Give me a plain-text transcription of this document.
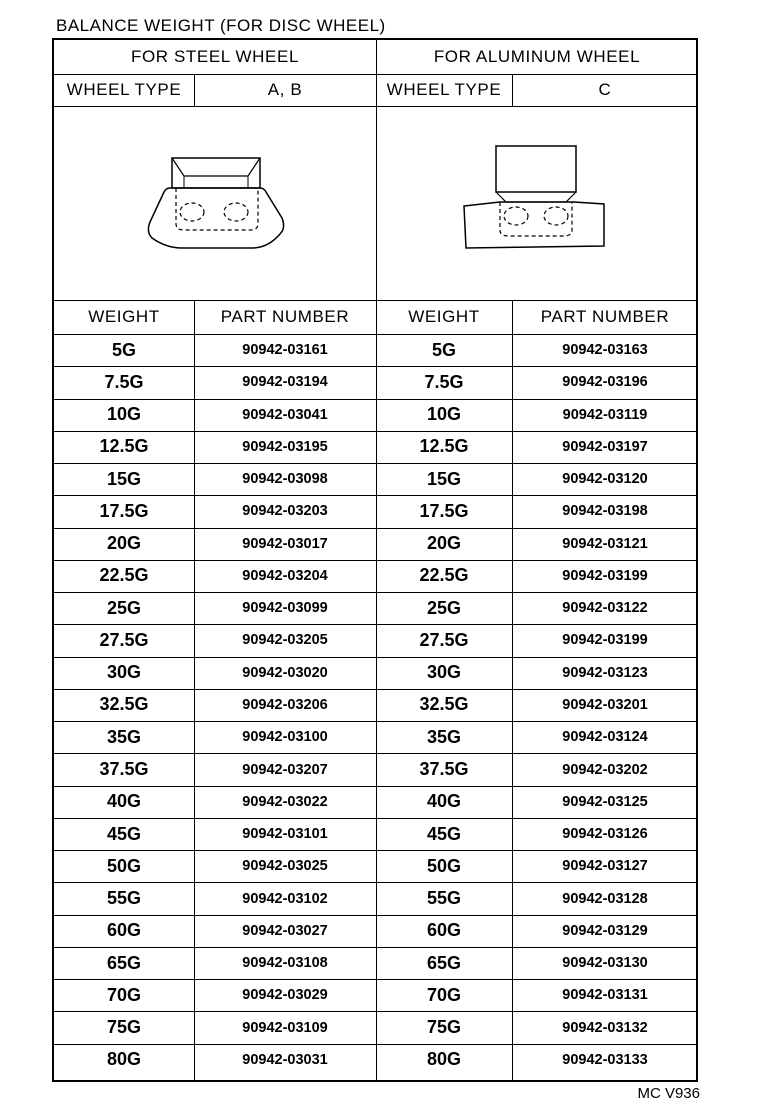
BALANCE WEIGHT (FOR DISC WHEEL)
FOR STEEL WHEEL	FOR ALUMINUM WHEEL
WHEEL TYPE	A, B	WHEEL TYPE	C
WEIGHT	PART NUMBER	WEIGHT	PART NUMBER
5G	90942-03161	5G	90942-03163
7.5G	90942-03194	7.5G	90942-03196
10G	90942-03041	10G	90942-03119
12.5G	90942-03195	12.5G	90942-03197
15G	90942-03098	15G	90942-03120
17.5G	90942-03203	17.5G	90942-03198
20G	90942-03017	20G	90942-03121
22.5G	90942-03204	22.5G	90942-03199
25G	90942-03099	25G	90942-03122
27.5G	90942-03205	27.5G	90942-03199
30G	90942-03020	30G	90942-03123
32.5G	90942-03206	32.5G	90942-03201
35G	90942-03100	35G	90942-03124
37.5G	90942-03207	37.5G	90942-03202
40G	90942-03022	40G	90942-03125
45G	90942-03101	45G	90942-03126
50G	90942-03025	50G	90942-03127
55G	90942-03102	55G	90942-03128
60G	90942-03027	60G	90942-03129
65G	90942-03108	65G	90942-03130
70G	90942-03029	70G	90942-03131
75G	90942-03109	75G	90942-03132
80G	90942-03031	80G	90942-03133
MC V936
